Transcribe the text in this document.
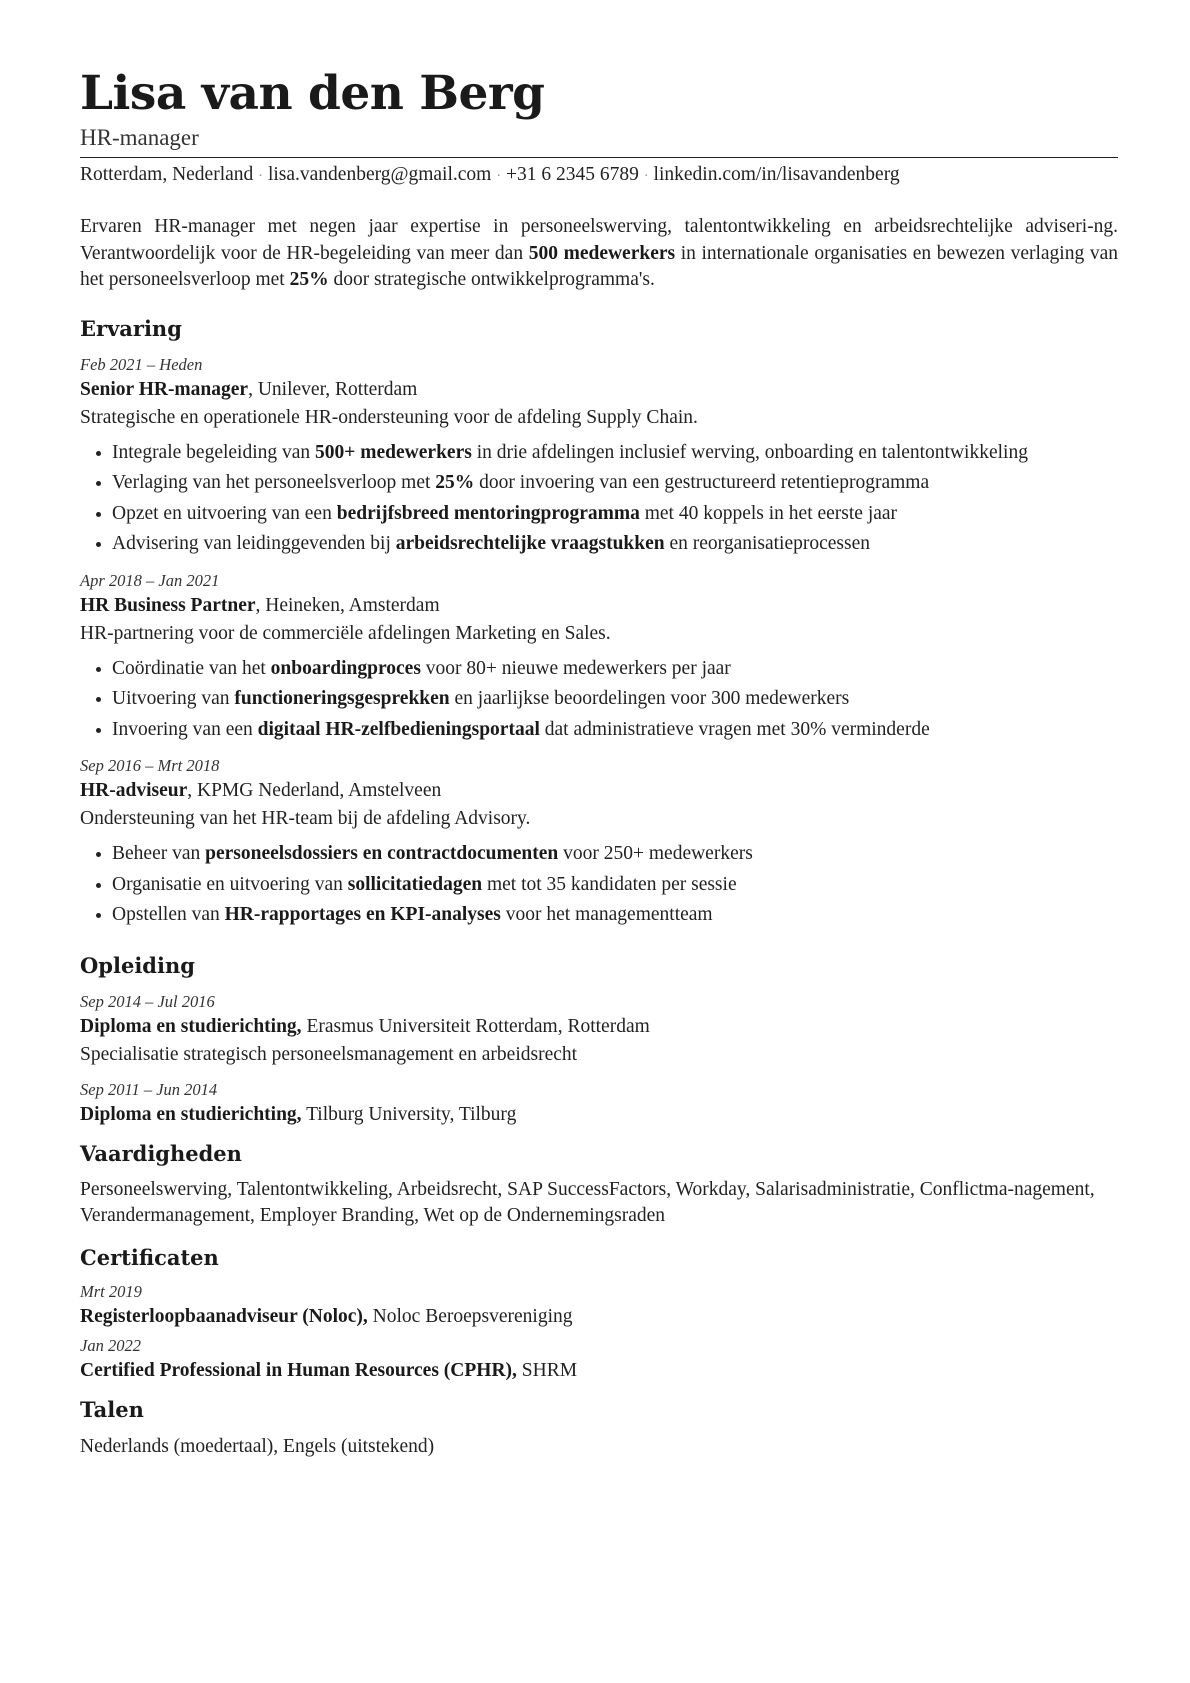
Lisa van den Berg
HR-manager
Rotterdam, Nederland · lisa.vandenberg@gmail.com · +31 6 2345 6789 · linkedin.com/in/lisavandenberg

Ervaren HR-manager met negen jaar expertise in personeelswerving, talentontwikkeling en arbeidsrechtelijke adviseri-ng. Verantwoordelijk voor de HR-begeleiding van meer dan 500 medewerkers in internationale organisaties en bewezen verlaging van het personeelsverloop met 25% door strategische ontwikkelprogramma's.

Ervaring
Feb 2021 – Heden
Senior HR-manager, Unilever, Rotterdam
Strategische en operationele HR-ondersteuning voor de afdeling Supply Chain.
Integrale begeleiding van 500+ medewerkers in drie afdelingen inclusief werving, onboarding en talentontwikkeling
Verlaging van het personeelsverloop met 25% door invoering van een gestructureerd retentieprogramma
Opzet en uitvoering van een bedrijfsbreed mentoringprogramma met 40 koppels in het eerste jaar
Advisering van leidinggevenden bij arbeidsrechtelijke vraagstukken en reorganisatieprocessen
Apr 2018 – Jan 2021
HR Business Partner, Heineken, Amsterdam
HR-partnering voor de commerciële afdelingen Marketing en Sales.
Coördinatie van het onboardingproces voor 80+ nieuwe medewerkers per jaar
Uitvoering van functioneringsgesprekken en jaarlijkse beoordelingen voor 300 medewerkers
Invoering van een digitaal HR-zelfbedieningsportaal dat administratieve vragen met 30% verminderde
Sep 2016 – Mrt 2018
HR-adviseur, KPMG Nederland, Amstelveen
Ondersteuning van het HR-team bij de afdeling Advisory.
Beheer van personeelsdossiers en contractdocumenten voor 250+ medewerkers
Organisatie en uitvoering van sollicitatiedagen met tot 35 kandidaten per sessie
Opstellen van HR-rapportages en KPI-analyses voor het managementteam
Opleiding
Sep 2014 – Jul 2016
Diploma en studierichting, Erasmus Universiteit Rotterdam, Rotterdam
Specialisatie strategisch personeelsmanagement en arbeidsrecht
Sep 2011 – Jun 2014
Diploma en studierichting, Tilburg University, Tilburg
Vaardigheden
Personeelswerving, Talentontwikkeling, Arbeidsrecht, SAP SuccessFactors, Workday, Salarisadministratie, Conflictma-nagement, Verandermanagement, Employer Branding, Wet op de Ondernemingsraden
Certificaten
Mrt 2019
Registerloopbaanadviseur (Noloc), Noloc Beroepsvereniging
Jan 2022
Certified Professional in Human Resources (CPHR), SHRM
Talen
Nederlands (moedertaal), Engels (uitstekend)
